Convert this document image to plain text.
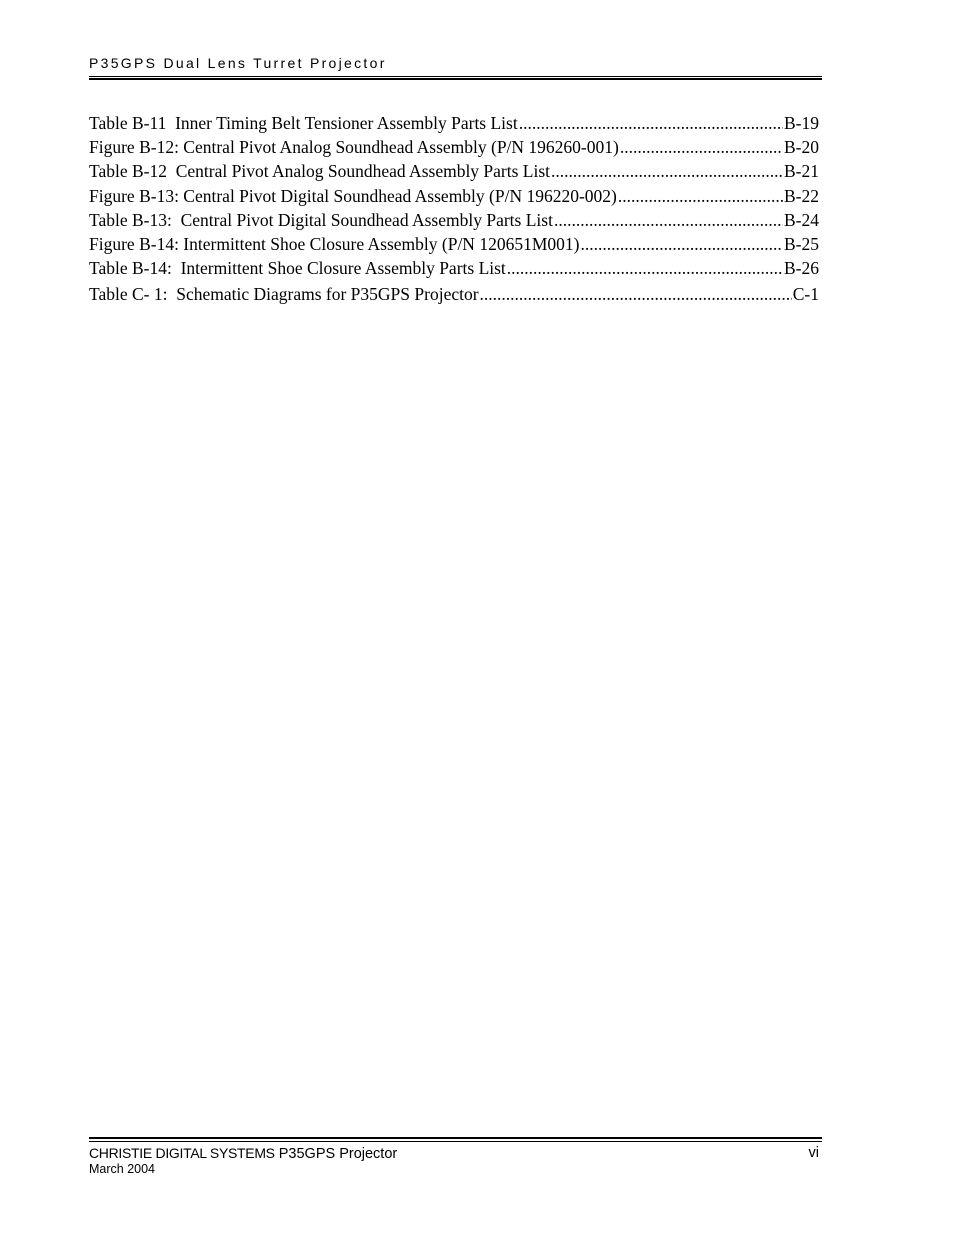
P35GPS Dual Lens Turret Projector
Table B-11  Inner Timing Belt Tensioner Assembly Parts List .....	B-19
Figure B-12: Central Pivot Analog Soundhead Assembly (P/N 196260-001) .....	B-20
Table B-12  Central Pivot Analog Soundhead Assembly Parts List .....	B-21
Figure B-13: Central Pivot Digital Soundhead Assembly (P/N 196220-002) .....	B-22
Table B-13:  Central Pivot Digital Soundhead Assembly Parts List .....	B-24
Figure B-14: Intermittent Shoe Closure Assembly (P/N 120651M001) .....	B-25
Table B-14:  Intermittent Shoe Closure Assembly Parts List .....	B-26
Table C- 1:  Schematic Diagrams for P35GPS Projector .....	C-1
CHRISTIE DIGITAL SYSTEMS P35GPS Projector
March 2004
vi
